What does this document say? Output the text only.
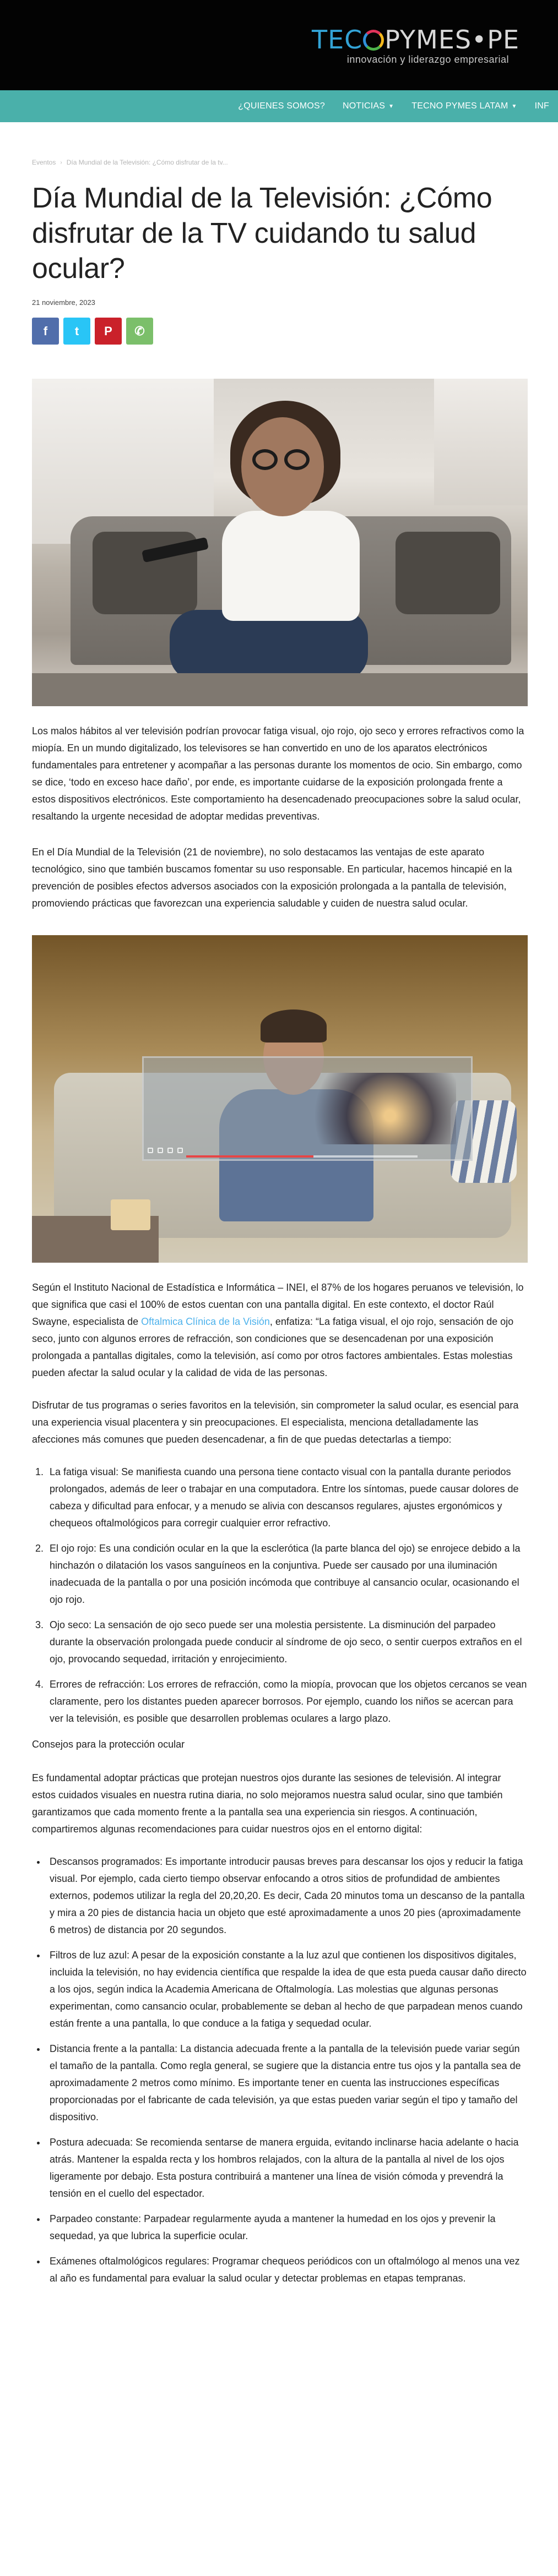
TEC PYMES•PE
innovación y liderazgo empresarial
¿QUIENES SOMOS? NOTICIAS ▼ TECNO PYMES LATAM ▼ INF
Eventos › Día Mundial de la Televisión: ¿Cómo disfrutar de la tv...
Día Mundial de la Televisión: ¿Cómo disfrutar de la TV cuidando tu salud ocular?
21 noviembre, 2023
f t P ✆

Los malos hábitos al ver televisión podrían provocar fatiga visual, ojo rojo, ojo seco y errores refractivos como la miopía. En un mundo digitalizado, los televisores se han convertido en uno de los aparatos electrónicos fundamentales para entretener y acompañar a las personas durante los momentos de ocio. Sin embargo, como se dice, ‘todo en exceso hace daño’, por ende, es importante cuidarse de la exposición prolongada frente a estos dispositivos electrónicos. Este comportamiento ha desencadenado preocupaciones sobre la salud ocular, resaltando la urgente necesidad de adoptar medidas preventivas.

En el Día Mundial de la Televisión (21 de noviembre), no solo destacamos las ventajas de este aparato tecnológico, sino que también buscamos fomentar su uso responsable. En particular, hacemos hincapié en la prevención de posibles efectos adversos asociados con la exposición prolongada a la pantalla de televisión, promoviendo prácticas que favorezcan una experiencia saludable y cuiden de nuestra salud ocular.

Según el Instituto Nacional de Estadística e Informática – INEI, el 87% de los hogares peruanos ve televisión, lo que significa que casi el 100% de estos cuentan con una pantalla digital. En este contexto, el doctor Raúl Swayne, especialista de Oftalmica Clínica de la Visión, enfatiza: “La fatiga visual, el ojo rojo, sensación de ojo seco, junto con algunos errores de refracción, son condiciones que se desencadenan por una exposición prolongada a pantallas digitales, como la televisión, así como por otros factores ambientales. Estas molestias pueden afectar la salud ocular y la calidad de vida de las personas.

Disfrutar de tus programas o series favoritos en la televisión, sin comprometer la salud ocular, es esencial para una experiencia visual placentera y sin preocupaciones. El especialista, menciona detalladamente las afecciones más comunes que pueden desencadenar, a fin de que puedas detectarlas a tiempo:

1. La fatiga visual: Se manifiesta cuando una persona tiene contacto visual con la pantalla durante periodos prolongados, además de leer o trabajar en una computadora. Entre los síntomas, puede causar dolores de cabeza y dificultad para enfocar, y a menudo se alivia con descansos regulares, ajustes ergonómicos y chequeos oftalmológicos para corregir cualquier error refractivo.
2. El ojo rojo: Es una condición ocular en la que la esclerótica (la parte blanca del ojo) se enrojece debido a la hinchazón o dilatación los vasos sanguíneos en la conjuntiva. Puede ser causado por una iluminación inadecuada de la pantalla o por una posición incómoda que contribuye al cansancio ocular, ocasionando el ojo rojo.
3. Ojo seco: La sensación de ojo seco puede ser una molestia persistente. La disminución del parpadeo durante la observación prolongada puede conducir al síndrome de ojo seco, o sentir cuerpos extraños en el ojo, provocando sequedad, irritación y enrojecimiento.
4. Errores de refracción: Los errores de refracción, como la miopía, provocan que los objetos cercanos se vean claramente, pero los distantes pueden aparecer borrosos. Por ejemplo, cuando los niños se acercan para ver la televisión, es posible que desarrollen problemas oculares a largo plazo.

Consejos para la protección ocular

Es fundamental adoptar prácticas que protejan nuestros ojos durante las sesiones de televisión. Al integrar estos cuidados visuales en nuestra rutina diaria, no solo mejoramos nuestra salud ocular, sino que también garantizamos que cada momento frente a la pantalla sea una experiencia sin riesgos. A continuación, compartiremos algunas recomendaciones para cuidar nuestros ojos en el entorno digital:

• Descansos programados: Es importante introducir pausas breves para descansar los ojos y reducir la fatiga visual. Por ejemplo, cada cierto tiempo observar enfocando a otros sitios de profundidad de ambientes externos, podemos utilizar la regla del 20,20,20. Es decir, Cada 20 minutos toma un descanso de la pantalla y mira a 20 pies de distancia hacia un objeto que esté aproximadamente a unos 20 pies (aproximadamente 6 metros) de distancia por 20 segundos.
• Filtros de luz azul: A pesar de la exposición constante a la luz azul que contienen los dispositivos digitales, incluida la televisión, no hay evidencia científica que respalde la idea de que esta pueda causar daño directo a los ojos, según indica la Academia Americana de Oftalmología. Las molestias que algunas personas experimentan, como cansancio ocular, probablemente se deban al hecho de que parpadean menos cuando están frente a una pantalla, lo que conduce a la fatiga y sequedad ocular.
• Distancia frente a la pantalla: La distancia adecuada frente a la pantalla de la televisión puede variar según el tamaño de la pantalla. Como regla general, se sugiere que la distancia entre tus ojos y la pantalla sea de aproximadamente 2 metros como mínimo. Es importante tener en cuenta las instrucciones específicas proporcionadas por el fabricante de cada televisión, ya que estas pueden variar según el tipo y tamaño del dispositivo.
• Postura adecuada: Se recomienda sentarse de manera erguida, evitando inclinarse hacia adelante o hacia atrás. Mantener la espalda recta y los hombros relajados, con la altura de la pantalla al nivel de los ojos ligeramente por debajo. Esta postura contribuirá a mantener una línea de visión cómoda y prevendrá la tensión en el cuello del espectador.
• Parpadeo constante: Parpadear regularmente ayuda a mantener la humedad en los ojos y prevenir la sequedad, ya que lubrica la superficie ocular.
• Exámenes oftalmológicos regulares: Programar chequeos periódicos con un oftalmólogo al menos una vez al año es fundamental para evaluar la salud ocular y detectar problemas en etapas tempranas.
